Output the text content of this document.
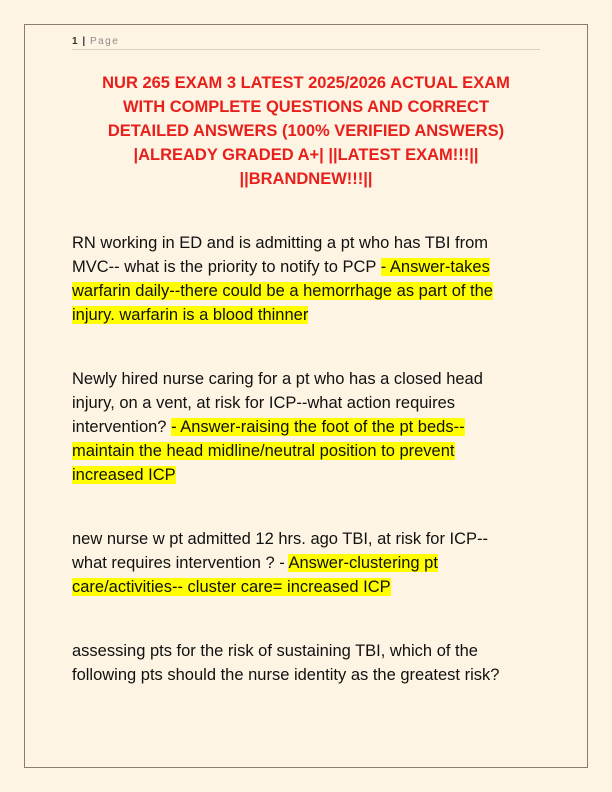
1 | Page
NUR 265 EXAM 3 LATEST 2025/2026 ACTUAL EXAM
WITH COMPLETE QUESTIONS AND CORRECT
DETAILED ANSWERS (100% VERIFIED ANSWERS)
|ALREADY GRADED A+| ||LATEST EXAM!!!||
||BRANDNEW!!!||
RN working in ED and is admitting a pt who has TBI from
MVC-- what is the priority to notify to PCP - Answer-takes
warfarin daily--there could be a hemorrhage as part of the
injury. warfarin is a blood thinner
Newly hired nurse caring for a pt who has a closed head
injury, on a vent, at risk for ICP--what action requires
intervention? - Answer-raising the foot of the pt beds--
maintain the head midline/neutral position to prevent
increased ICP
new nurse w pt admitted 12 hrs. ago TBI, at risk for ICP--
what requires intervention ? - Answer-clustering pt
care/activities-- cluster care= increased ICP
assessing pts for the risk of sustaining TBI, which of the
following pts should the nurse identity as the greatest risk?
